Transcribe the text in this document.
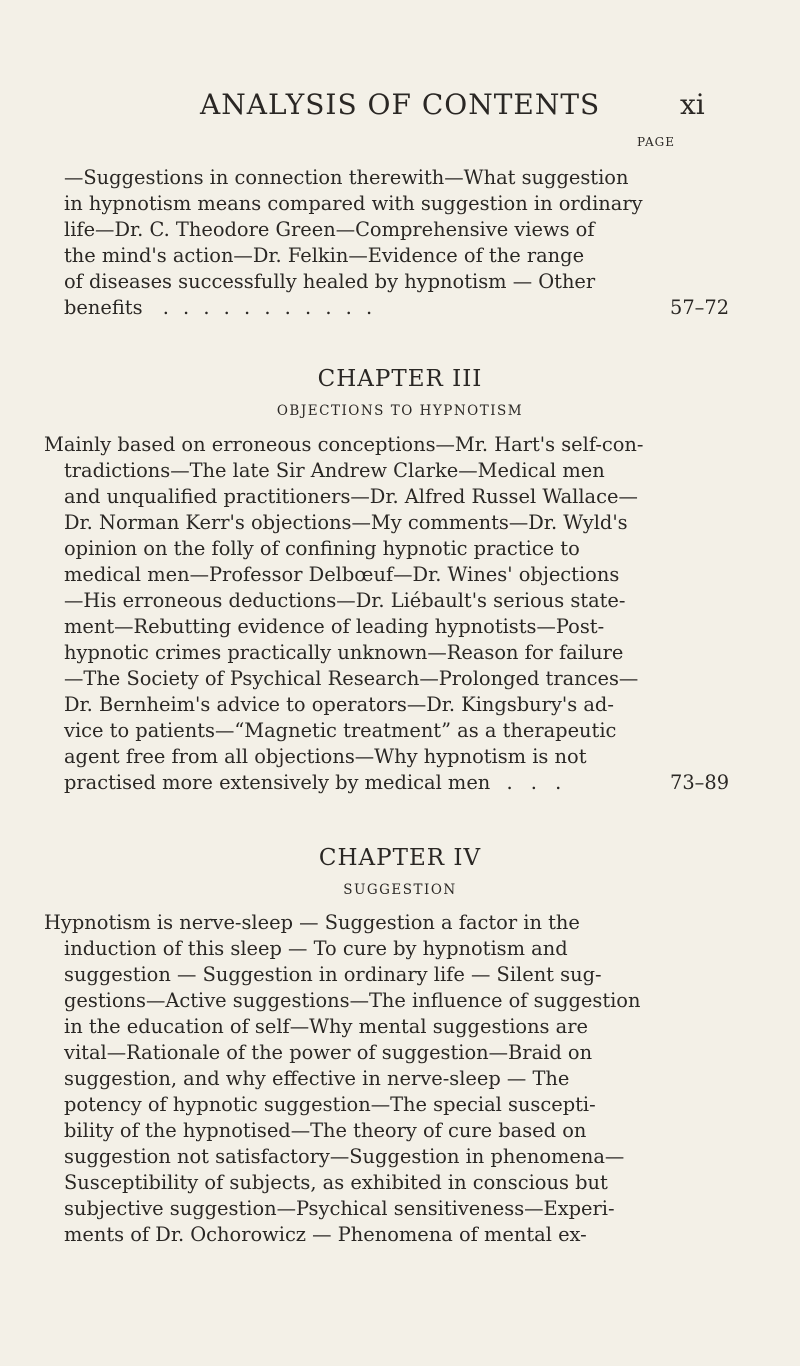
ANALYSIS OF CONTENTS	xi
PAGE
—Suggestions in connection therewith—What suggestion
in hypnotism means compared with suggestion in ordinary
life—Dr. C. Theodore Green—Comprehensive views of
the mind's action—Dr. Felkin—Evidence of the range
of diseases successfully healed by hypnotism — Other
benefits . . . . . . . . . . .	57–72
CHAPTER III
OBJECTIONS TO HYPNOTISM
Mainly based on erroneous conceptions—Mr. Hart's self-con-
tradictions—The late Sir Andrew Clarke—Medical men
and unqualified practitioners—Dr. Alfred Russel Wallace—
Dr. Norman Kerr's objections—My comments—Dr. Wyld's
opinion on the folly of confining hypnotic practice to
medical men—Professor Delbœuf—Dr. Wines' objections
—His erroneous deductions—Dr. Liébault's serious state-
ment—Rebutting evidence of leading hypnotists—Post-
hypnotic crimes practically unknown—Reason for failure
—The Society of Psychical Research—Prolonged trances—
Dr. Bernheim's advice to operators—Dr. Kingsbury's ad-
vice to patients—“Magnetic treatment” as a therapeutic
agent free from all objections—Why hypnotism is not
practised more extensively by medical men . . .	73–89
CHAPTER IV
SUGGESTION
Hypnotism is nerve-sleep — Suggestion a factor in the
induction of this sleep — To cure by hypnotism and
suggestion — Suggestion in ordinary life — Silent sug-
gestions—Active suggestions—The influence of suggestion
in the education of self—Why mental suggestions are
vital—Rationale of the power of suggestion—Braid on
suggestion, and why effective in nerve-sleep — The
potency of hypnotic suggestion—The special suscepti-
bility of the hypnotised—The theory of cure based on
suggestion not satisfactory—Suggestion in phenomena—
Susceptibility of subjects, as exhibited in conscious but
subjective suggestion—Psychical sensitiveness—Experi-
ments of Dr. Ochorowicz — Phenomena of mental ex-
